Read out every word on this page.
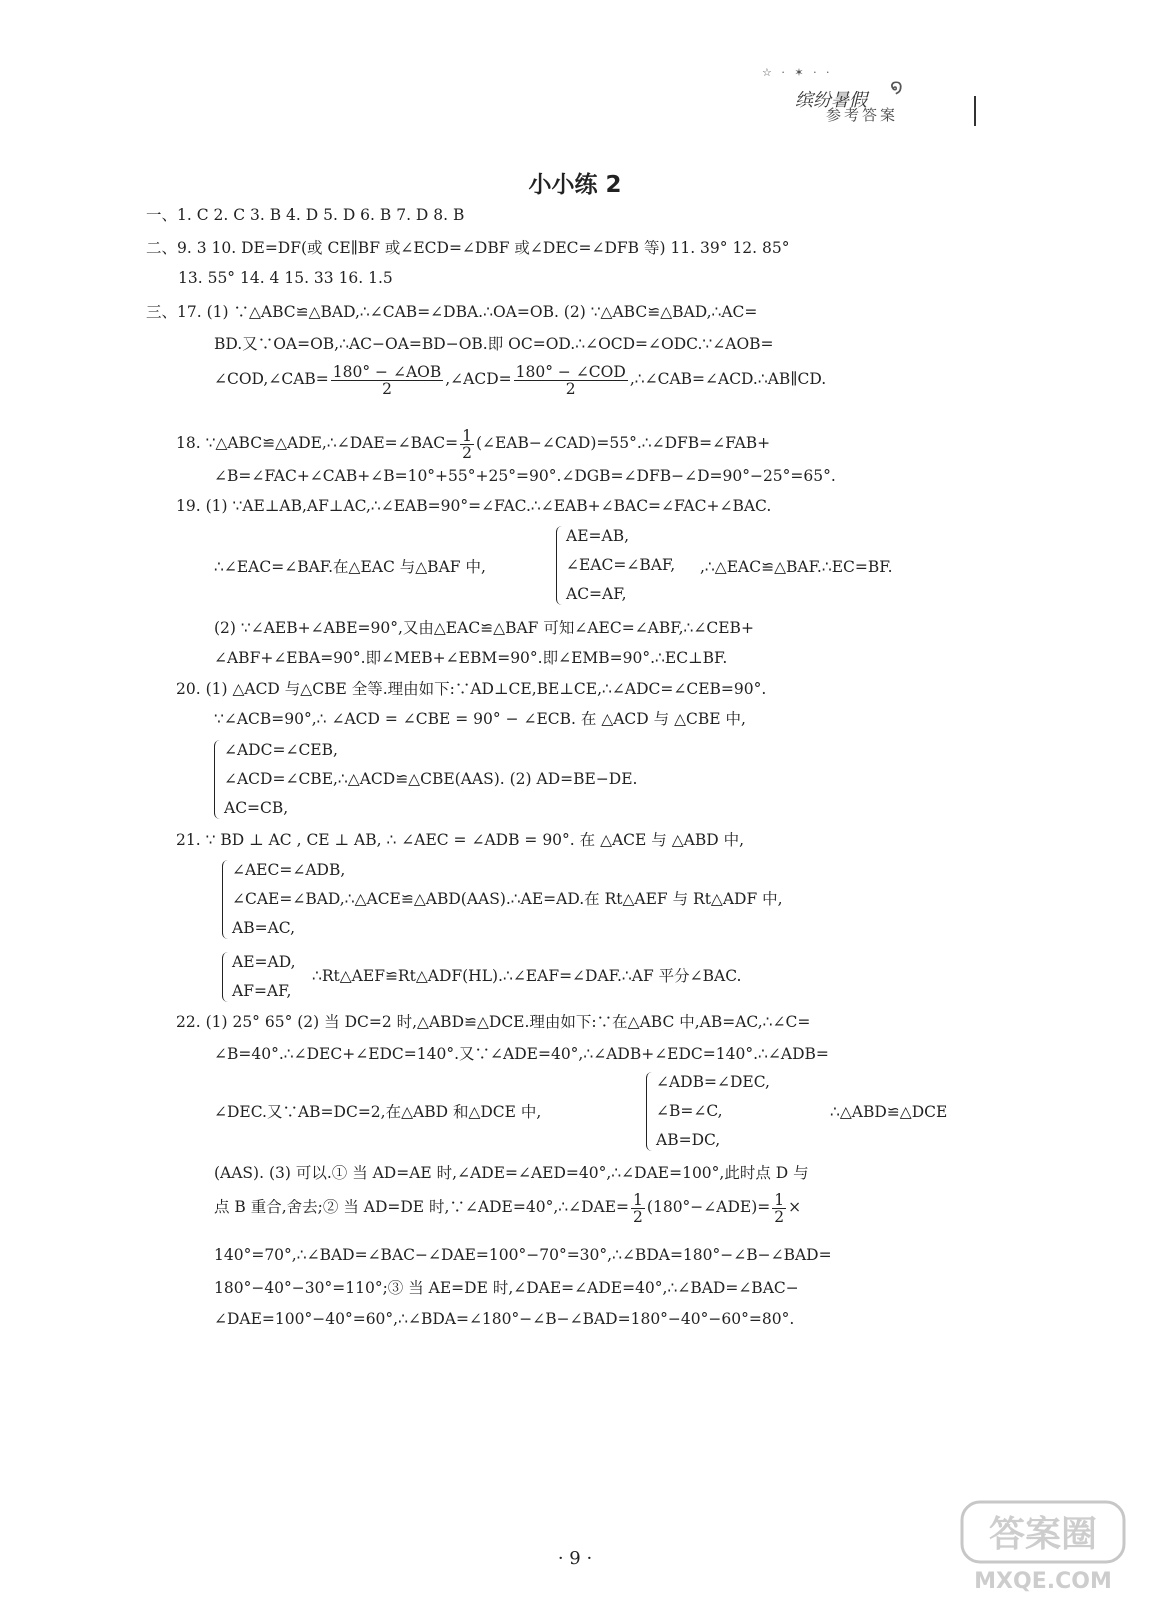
☆ · ✶ · ·
缤纷暑假
໑
参考答案
小小练 2
一、1. C 2. C 3. B 4. D 5. D 6. B 7. D 8. B
二、9. 3 10. DE=DF(或 CE∥BF 或∠ECD=∠DBF 或∠DEC=∠DFB 等) 11. 39° 12. 85°
13. 55° 14. 4 15. 33 16. 1.5
三、17. (1) ∵△ABC≌△BAD,∴∠CAB=∠DBA.∴OA=OB. (2) ∵△ABC≌△BAD,∴AC=
BD.又∵OA=OB,∴AC−OA=BD−OB.即 OC=OD.∴∠OCD=∠ODC.∵∠AOB=
∠COD,∠CAB= $\frac{\text{180° − ∠AOB}}{2}$ ,∠ACD= $\frac{\text{180° − ∠COD}}{2}$ ,∴∠CAB=∠ACD.∴AB∥CD.
18. ∵△ABC≌△ADE,∴∠DAE=∠BAC= $\frac{1}{2}$ (∠EAB−∠CAD)=55°.∴∠DFB=∠FAB+
∠B=∠FAC+∠CAB+∠B=10°+55°+25°=90°.∠DGB=∠DFB−∠D=90°−25°=65°.
19. (1) ∵AE⊥AB,AF⊥AC,∴∠EAB=90°=∠FAC.∴∠EAB+∠BAC=∠FAC+∠BAC.
AE=AB,
∠EAC=∠BAF,
AC=AF,
∴∠EAC=∠BAF.在△EAC 与△BAF 中,	,∴△EAC≌△BAF.∴EC=BF.
(2) ∵∠AEB+∠ABE=90°,又由△EAC≌△BAF 可知∠AEC=∠ABF,∴∠CEB+
∠ABF+∠EBA=90°.即∠MEB+∠EBM=90°.即∠EMB=90°.∴EC⊥BF.
20. (1) △ACD 与△CBE 全等.理由如下:∵AD⊥CE,BE⊥CE,∴∠ADC=∠CEB=90°.
∵∠ACB=90°,∴ ∠ACD = ∠CBE = 90° − ∠ECB. 在 △ACD 与 △CBE 中,
∠ADC=∠CEB,
∠ACD=∠CBE,∴△ACD≌△CBE(AAS). (2) AD=BE−DE.
AC=CB,
21. ∵ BD ⊥ AC , CE ⊥ AB, ∴ ∠AEC = ∠ADB = 90°. 在 △ACE 与 △ABD 中,
∠AEC=∠ADB,
∠CAE=∠BAD,∴△ACE≌△ABD(AAS).∴AE=AD.在 Rt△AEF 与 Rt△ADF 中,
AB=AC,
AE=AD,
AF=AF,
∴Rt△AEF≌Rt△ADF(HL).∴∠EAF=∠DAF.∴AF 平分∠BAC.
22. (1) 25° 65° (2) 当 DC=2 时,△ABD≌△DCE.理由如下:∵在△ABC 中,AB=AC,∴∠C=
∠B=40°.∴∠DEC+∠EDC=140°.又∵∠ADE=40°,∴∠ADB+∠EDC=140°.∴∠ADB=
∠ADB=∠DEC,
∠B=∠C,
AB=DC,
∠DEC.又∵AB=DC=2,在△ABD 和△DCE 中,	∴△ABD≌△DCE
(AAS). (3) 可以.① 当 AD=AE 时,∠ADE=∠AED=40°,∴∠DAE=100°,此时点 D 与
点 B 重合,舍去;② 当 AD=DE 时,∵∠ADE=40°,∴∠DAE= $\frac{1}{2}$ (180°−∠ADE)= $\frac{1}{2}$ ×
140°=70°,∴∠BAD=∠BAC−∠DAE=100°−70°=30°,∴∠BDA=180°−∠B−∠BAD=
180°−40°−30°=110°;③ 当 AE=DE 时,∠DAE=∠ADE=40°,∴∠BAD=∠BAC−
∠DAE=100°−40°=60°,∴∠BDA=∠180°−∠B−∠BAD=180°−40°−60°=80°.
· 9 ·
答案圈
MXQE.COM
